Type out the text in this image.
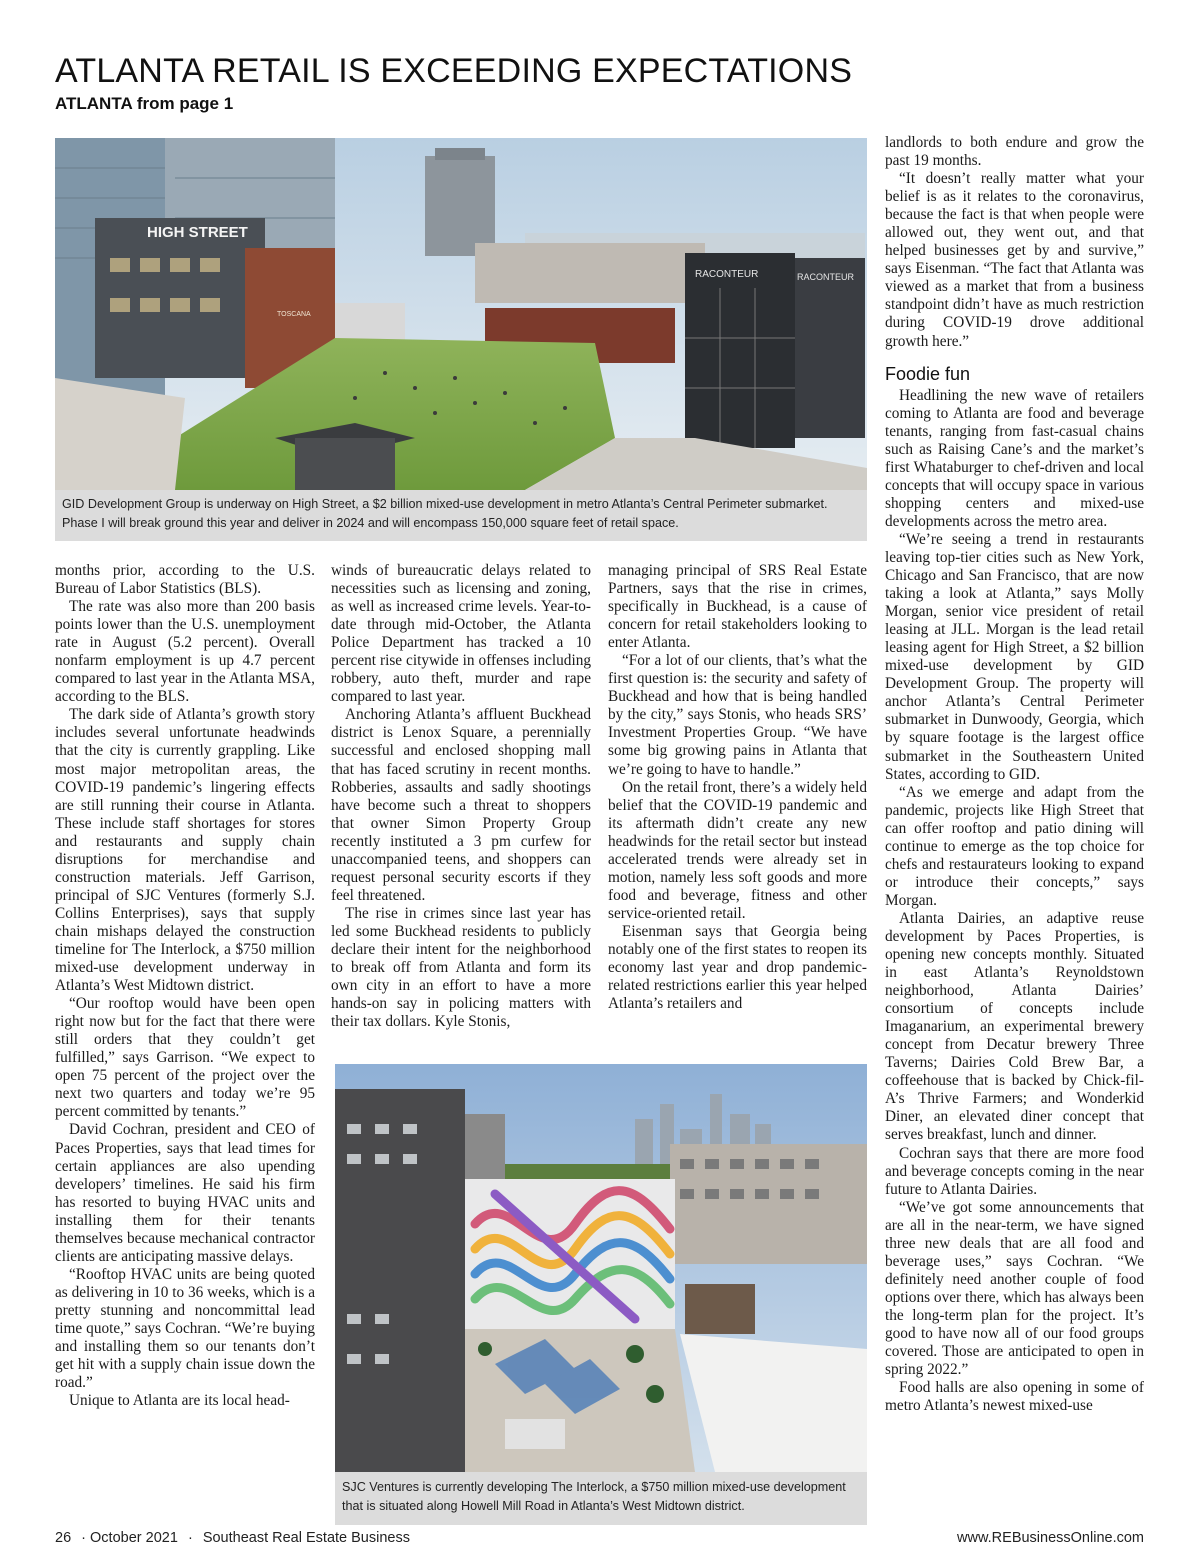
ATLANTA RETAIL IS EXCEEDING EXPECTATIONS
ATLANTA from page 1
HIGH STREET
TOSCANA
RACONTEUR	RACONTEUR
GID Development Group is underway on High Street, a $2 billion mixed-use development in metro Atlanta’s Central Perimeter submarket. Phase I will break ground this year and deliver in 2024 and will encompass 150,000 square feet of retail space.
SJC Ventures is currently developing The Interlock, a $750 million mixed-use development that is situated along Howell Mill Road in Atlanta’s West Midtown district.

months prior, according to the U.S. Bureau of Labor Statistics (BLS).

The rate was also more than 200 basis points lower than the U.S. unemployment rate in August (5.2 percent). Overall nonfarm employment is up 4.7 percent compared to last year in the Atlanta MSA, according to the BLS.

The dark side of Atlanta’s growth story includes several unfortunate headwinds that the city is currently grappling. Like most major metropolitan areas, the COVID-19 pandemic’s lingering effects are still running their course in Atlanta. These include staff shortages for stores and restaurants and supply chain disruptions for merchandise and construction materials. Jeff Garrison, principal of SJC Ventures (formerly S.J. Collins Enterprises), says that supply chain mishaps delayed the construction timeline for The Interlock, a $750 million mixed-use development underway in Atlanta’s West Midtown district.

“Our rooftop would have been open right now but for the fact that there were still orders that they couldn’t get fulfilled,” says Garrison. “We expect to open 75 percent of the project over the next two quarters and today we’re 95 percent committed by tenants.”

David Cochran, president and CEO of Paces Properties, says that lead times for certain appliances are also upending developers’ timelines. He said his firm has resorted to buying HVAC units and installing them for their tenants themselves because mechanical contractor clients are anticipating massive delays.

“Rooftop HVAC units are being quoted as delivering in 10 to 36 weeks, which is a pretty stunning and noncommittal lead time quote,” says Cochran. “We’re buying and installing them so our tenants don’t get hit with a supply chain issue down the road.”

Unique to Atlanta are its local head-

winds of bureaucratic delays related to necessities such as licensing and zoning, as well as increased crime levels. Year-to-date through mid-October, the Atlanta Police Department has tracked a 10 percent rise citywide in offenses including robbery, auto theft, murder and rape compared to last year.

Anchoring Atlanta’s affluent Buckhead district is Lenox Square, a perennially successful and enclosed shopping mall that has faced scrutiny in recent months. Robberies, assaults and sadly shootings have become such a threat to shoppers that owner Simon Property Group recently instituted a 3 pm curfew for unaccompanied teens, and shoppers can request personal security escorts if they feel threatened.

The rise in crimes since last year has led some Buckhead residents to publicly declare their intent for the neighborhood to break off from Atlanta and form its own city in an effort to have a more hands-on say in policing matters with their tax dollars. Kyle Stonis,

managing principal of SRS Real Estate Partners, says that the rise in crimes, specifically in Buckhead, is a cause of concern for retail stakeholders looking to enter Atlanta.

“For a lot of our clients, that’s what the first question is: the security and safety of Buckhead and how that is being handled by the city,” says Stonis, who heads SRS’ Investment Properties Group. “We have some big growing pains in Atlanta that we’re going to have to handle.”

On the retail front, there’s a widely held belief that the COVID-19 pandemic and its aftermath didn’t create any new headwinds for the retail sector but instead accelerated trends were already set in motion, namely less soft goods and more food and beverage, fitness and other service-oriented retail.

Eisenman says that Georgia being notably one of the first states to reopen its economy last year and drop pandemic-related restrictions earlier this year helped Atlanta’s retailers and

landlords to both endure and grow the past 19 months.

“It doesn’t really matter what your belief is as it relates to the coronavirus, because the fact is that when people were allowed out, they went out, and that helped businesses get by and survive,” says Eisenman. “The fact that Atlanta was viewed as a market that from a business standpoint didn’t have as much restriction during COVID-19 drove additional growth here.”

Foodie fun

Headlining the new wave of retailers coming to Atlanta are food and beverage tenants, ranging from fast-casual chains such as Raising Cane’s and the market’s first Whataburger to chef-driven and local concepts that will occupy space in various shopping centers and mixed-use developments across the metro area.

“We’re seeing a trend in restaurants leaving top-tier cities such as New York, Chicago and San Francisco, that are now taking a look at Atlanta,” says Molly Morgan, senior vice president of retail leasing at JLL. Morgan is the lead retail leasing agent for High Street, a $2 billion mixed-use development by GID Development Group. The property will anchor Atlanta’s Central Perimeter submarket in Dunwoody, Georgia, which by square footage is the largest office submarket in the Southeastern United States, according to GID.

“As we emerge and adapt from the pandemic, projects like High Street that can offer rooftop and patio dining will continue to emerge as the top choice for chefs and restaurateurs looking to expand or introduce their concepts,” says Morgan.

Atlanta Dairies, an adaptive reuse development by Paces Properties, is opening new concepts monthly. Situated in east Atlanta’s Reynoldstown neighborhood, Atlanta Dairies’ consortium of concepts include Imaganarium, an experimental brewery concept from Decatur brewery Three Taverns; Dairies Cold Brew Bar, a coffeehouse that is backed by Chick-fil-A’s Thrive Farmers; and Wonderkid Diner, an elevated diner concept that serves breakfast, lunch and dinner.

Cochran says that there are more food and beverage concepts coming in the near future to Atlanta Dairies.

“We’ve got some announcements that are all in the near-term, we have signed three new deals that are all food and beverage uses,” says Cochran. “We definitely need another couple of food options over there, which has always been the long-term plan for the project. It’s good to have now all of our food groups covered. Those are anticipated to open in spring 2022.”

Food halls are also opening in some of metro Atlanta’s newest mixed-use

26 · October 2021 · Southeast Real Estate Business	www.REBusinessOnline.com
